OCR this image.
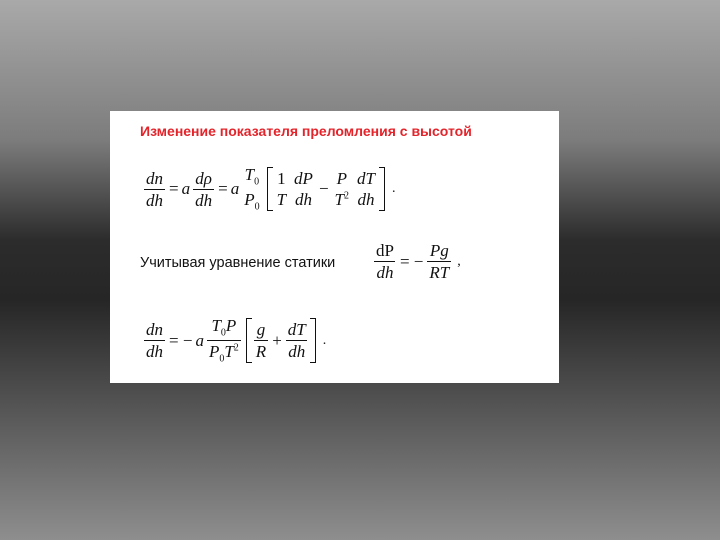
Изменение показателя преломления с высотой
$\frac{dn}{dh} = a \frac{d\rho}{dh} = a$
$T_0$
$P_0$
1
T
dP
dh
−
P
$T^2$
dT
dh
.
Учитывая уравнение статики $\frac{dP}{dh}$ = − $\frac{Pg}{RT}$ ,
$\frac{dn}{dh}$ = − a $\frac{T_0P}{P_0T^2} \frac{g}{R} + \frac{dT}{dh}$ .
